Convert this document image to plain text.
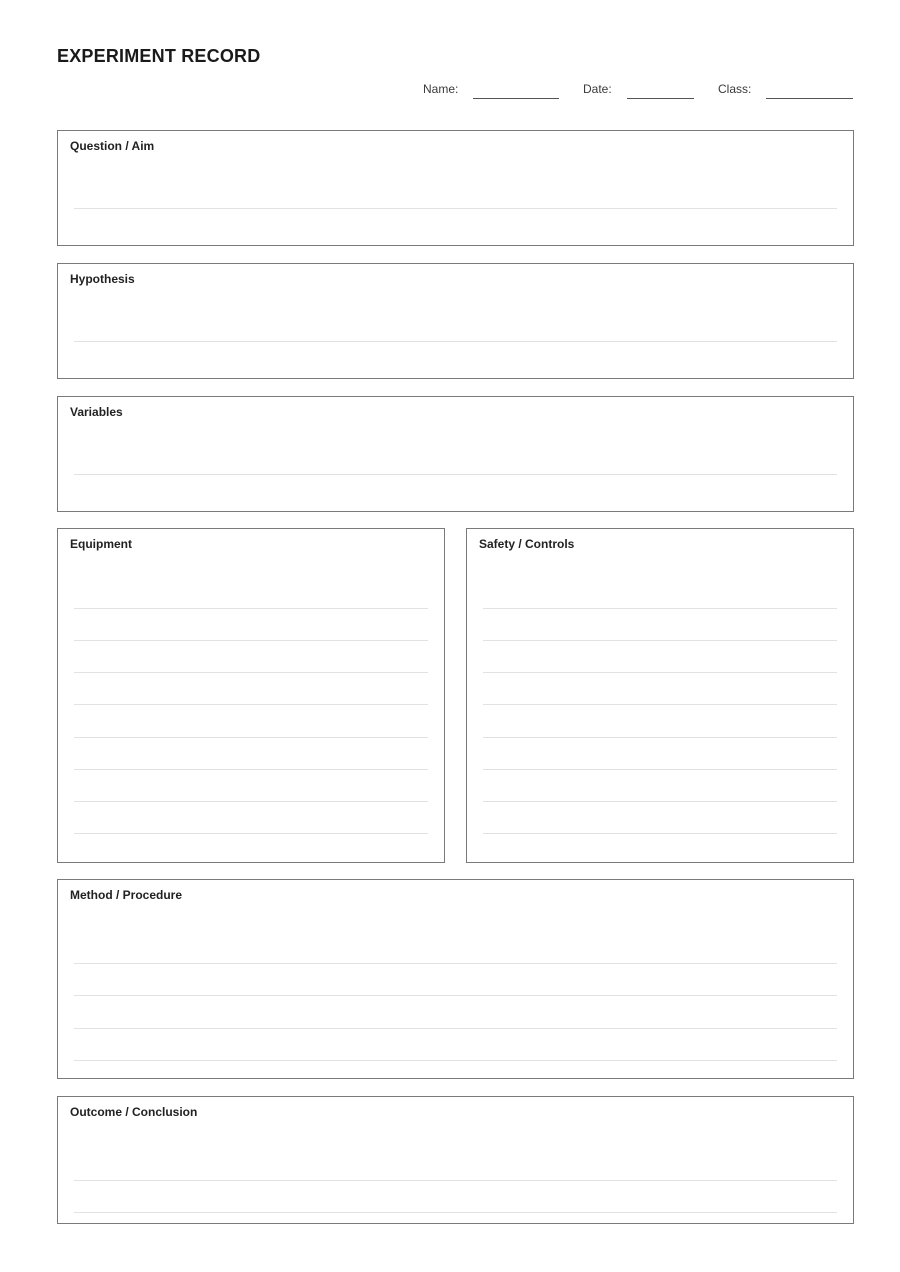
EXPERIMENT RECORD
Name:	Date:	Class:
Question / Aim
Hypothesis
Variables
Equipment	Safety / Controls
Method / Procedure
Outcome / Conclusion
